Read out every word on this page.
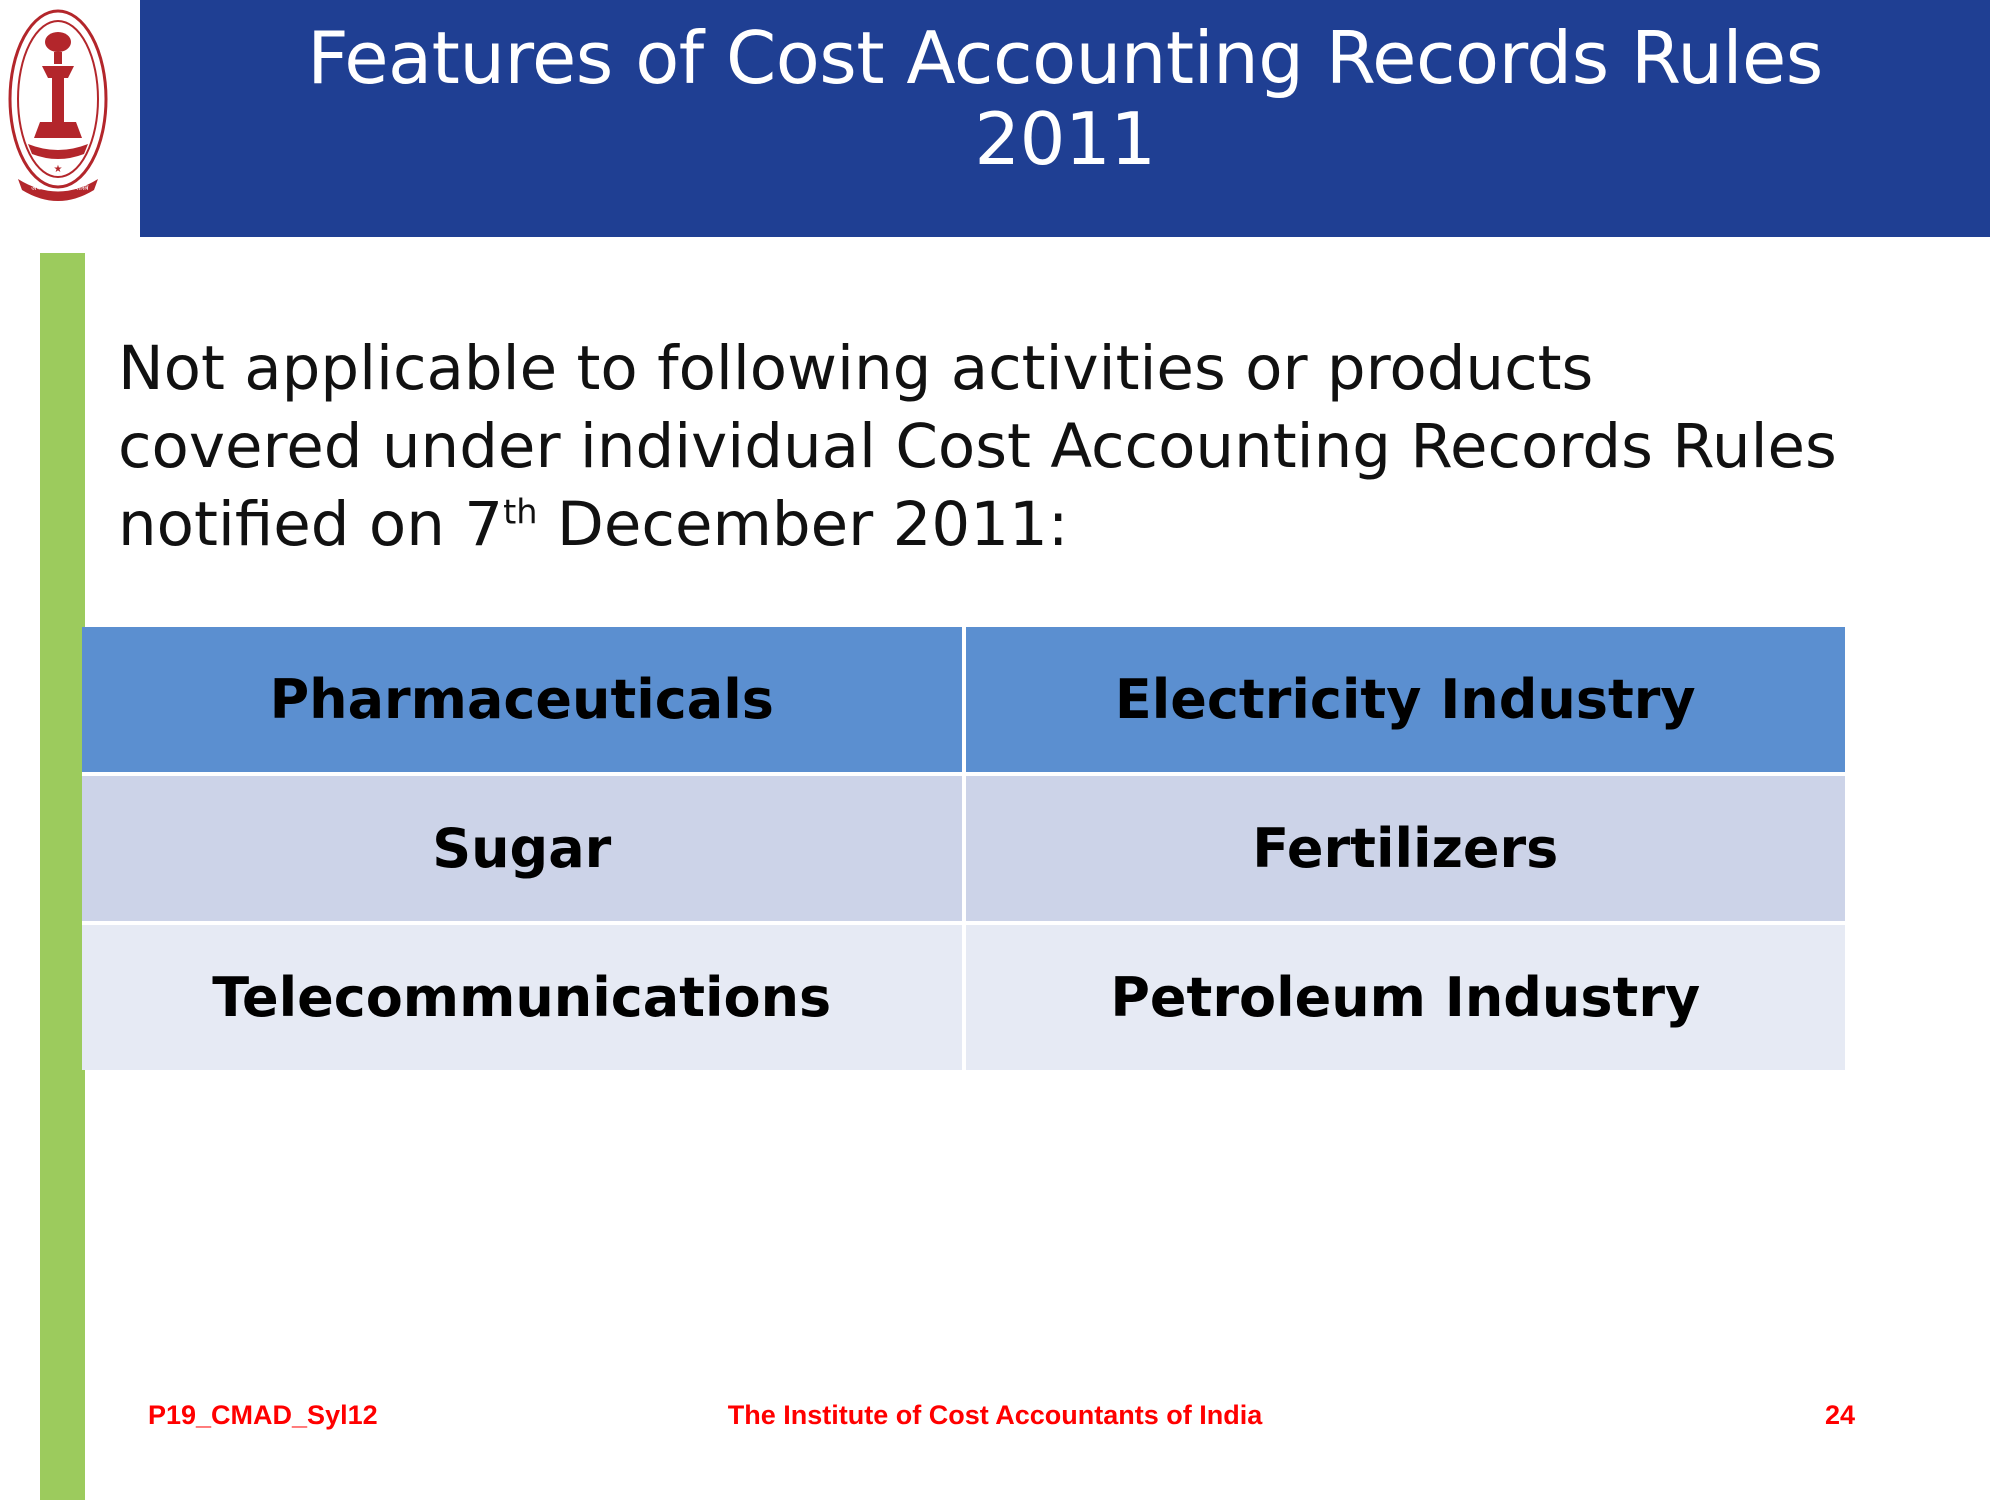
Features of Cost Accounting Records Rules
2011
★
अर्थ	शास्त्र
Not applicable to following activities or products covered under individual Cost Accounting Records Rules notified on 7th December 2011:
Pharmaceuticals	Electricity Industry
Sugar	Fertilizers
Telecommunications	Petroleum Industry
P19_CMAD_Syl12	The Institute of Cost Accountants of India	24
